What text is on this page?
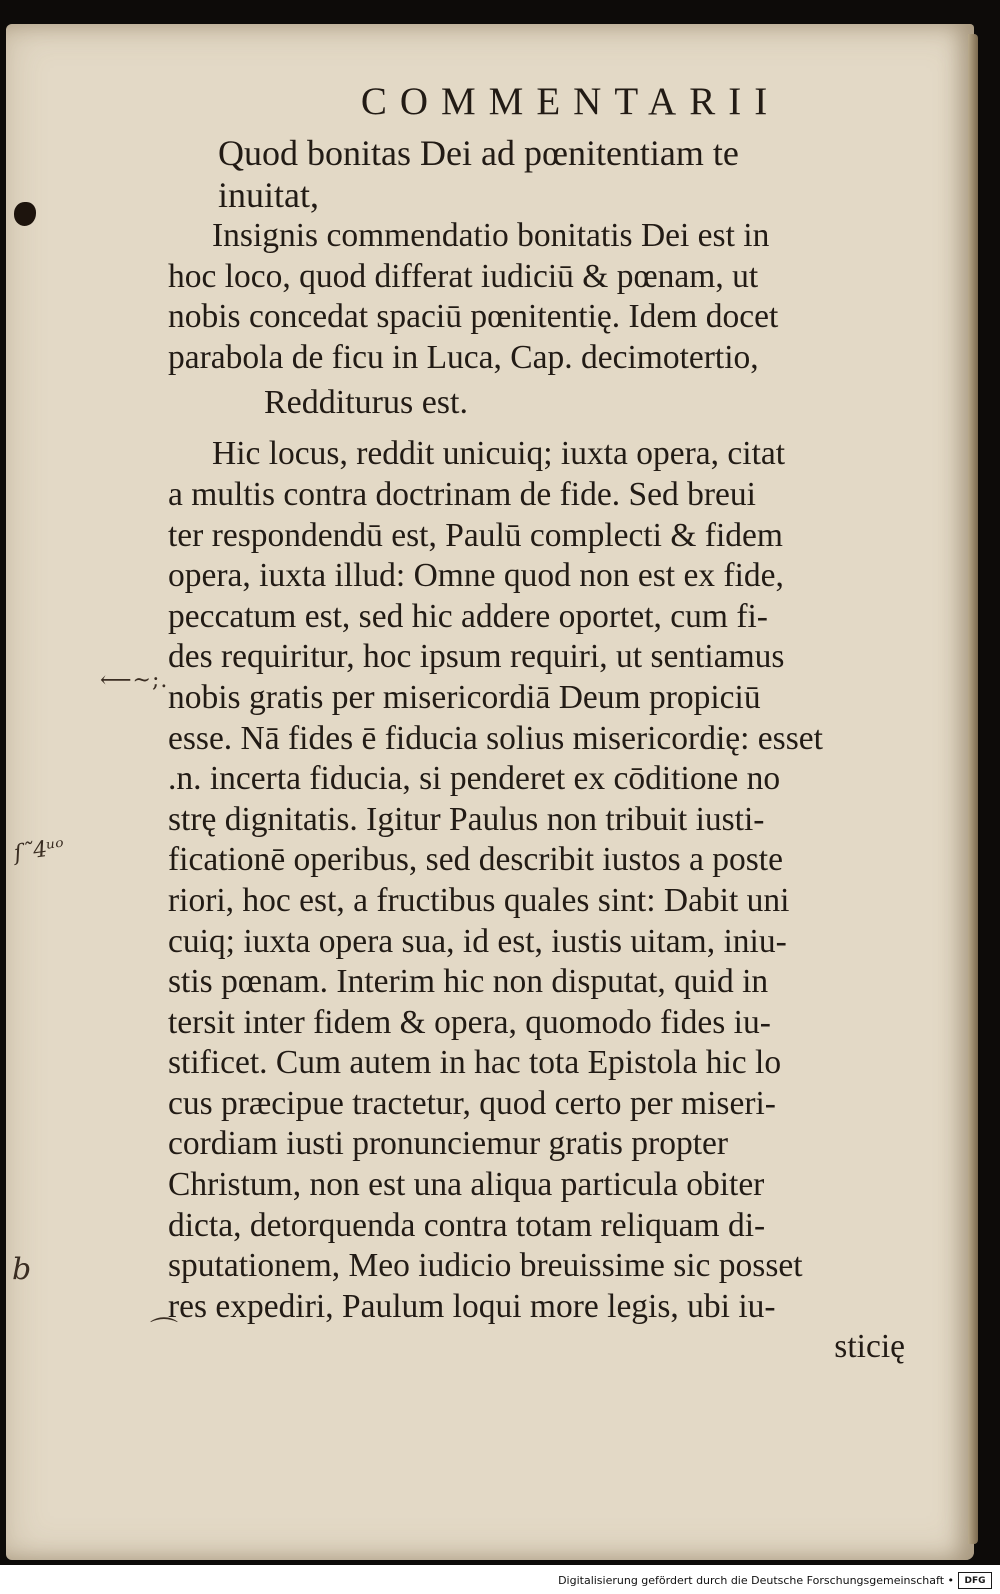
COMMENTARII
Quod bonitas Dei ad pœnitentiam te
inuitat,
Insignis commendatio bonitatis Dei est in
hoc loco, quod differat iudiciū & pœnam, ut
nobis concedat spaciū pœnitentię. Idem docet
parabola de ficu in Luca, Cap. decimotertio,
Redditurus est.
Hic locus, reddit unicuiq; iuxta opera, citat
a multis contra doctrinam de fide. Sed breui
ter respondendū est, Paulū complecti & fidem
opera, iuxta illud: Omne quod non est ex fide,
peccatum est, sed hic addere oportet, cum fi-
des requiritur, hoc ipsum requiri, ut sentiamus
nobis gratis per misericordiā Deum propiciū
esse. Nā fides ē fiducia solius misericordię: esset
.n. incerta fiducia, si penderet ex cōditione no
strę dignitatis. Igitur Paulus non tribuit iusti-
ficationē operibus, sed describit iustos a poste
riori, hoc est, a fructibus quales sint: Dabit uni
cuiq; iuxta opera sua, id est, iustis uitam, iniu-
stis pœnam. Interim hic non disputat, quid in
tersit inter fidem & opera, quomodo fides iu-
stificet. Cum autem in hac tota Epistola hic lo
cus præcipue tractetur, quod certo per miseri-
cordiam iusti pronunciemur gratis propter
Christum, non est una aliqua particula obiter
dicta, detorquenda contra totam reliquam di-
sputationem, Meo iudicio breuissime sic posset
res expediri, Paulum loqui more legis, ubi iu-
sticię
⟵~;.
ſ˜4ᵘᵒ
b
⌒
Digitalisierung gefördert durch die Deutsche Forschungsgemeinschaft •	DFG
